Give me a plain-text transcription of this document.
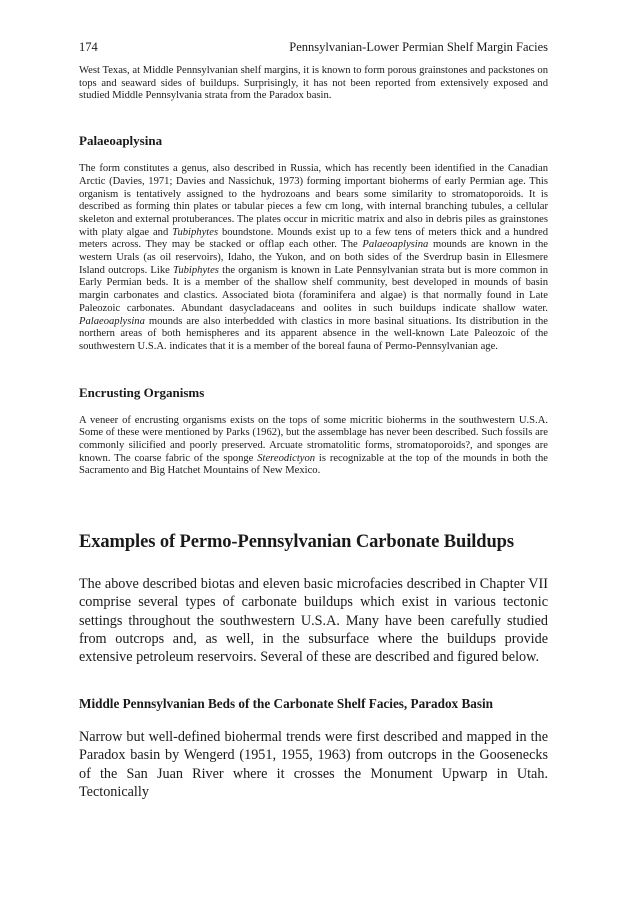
174	Pennsylvanian-Lower Permian Shelf Margin Facies

West Texas, at Middle Pennsylvanian shelf margins, it is known to form porous grainstones and packstones on tops and seaward sides of buildups. Surprisingly, it has not been reported from extensively exposed and studied Middle Pennsylvania strata from the Paradox basin.

Palaeoaplysina

The form constitutes a genus, also described in Russia, which has recently been identified in the Canadian Arctic (Davies, 1971; Davies and Nassichuk, 1973) forming important bioherms of early Permian age. This organism is tentatively assigned to the hydrozoans and bears some similarity to stromatoporoids. It is described as forming thin plates or tabular pieces a few cm long, with internal branching tubules, a cellular skeleton and external protuberances. The plates occur in micritic matrix and also in debris piles as grainstones with platy algae and Tubiphytes boundstone. Mounds exist up to a few tens of meters thick and a hundred meters across. They may be stacked or offlap each other. The Palaeoaplysina mounds are known in the western Urals (as oil reservoirs), Idaho, the Yukon, and on both sides of the Sverdrup basin in Ellesmere Island outcrops. Like Tubiphytes the organism is known in Late Pennsylvanian strata but is more common in Early Permian beds. It is a member of the shallow shelf community, best developed in mounds of basin margin carbonates and clastics. Associated biota (foraminifera and algae) is that normally found in Late Paleozoic carbonates. Abundant dasycladaceans and oolites in such buildups indicate shallow water. Palaeoaplysina mounds are also interbedded with clastics in more basinal situations. Its distribution in the northern areas of both hemispheres and its apparent absence in the well-known Late Paleozoic of the southwestern U.S.A. indicates that it is a member of the boreal fauna of Permo-Pennsylvanian age.

Encrusting Organisms

A veneer of encrusting organisms exists on the tops of some micritic bioherms in the southwestern U.S.A. Some of these were mentioned by Parks (1962), but the assemblage has never been described. Such fossils are commonly silicified and poorly preserved. Arcuate stromatolitic forms, stromatoporoids?, and sponges are known. The coarse fabric of the sponge Stereodictyon is recognizable at the top of the mounds in both the Sacramento and Big Hatchet Mountains of New Mexico.

Examples of Permo-Pennsylvanian Carbonate Buildups

The above described biotas and eleven basic microfacies described in Chapter VII comprise several types of carbonate buildups which exist in various tectonic settings throughout the southwestern U.S.A. Many have been carefully studied from outcrops and, as well, in the subsurface where the buildups provide extensive petroleum reservoirs. Several of these are described and figured below.

Middle Pennsylvanian Beds of the Carbonate Shelf Facies, Paradox Basin

Narrow but well-defined biohermal trends were first described and mapped in the Paradox basin by Wengerd (1951, 1955, 1963) from outcrops in the Goosenecks of the San Juan River where it crosses the Monument Upwarp in Utah. Tectonically
